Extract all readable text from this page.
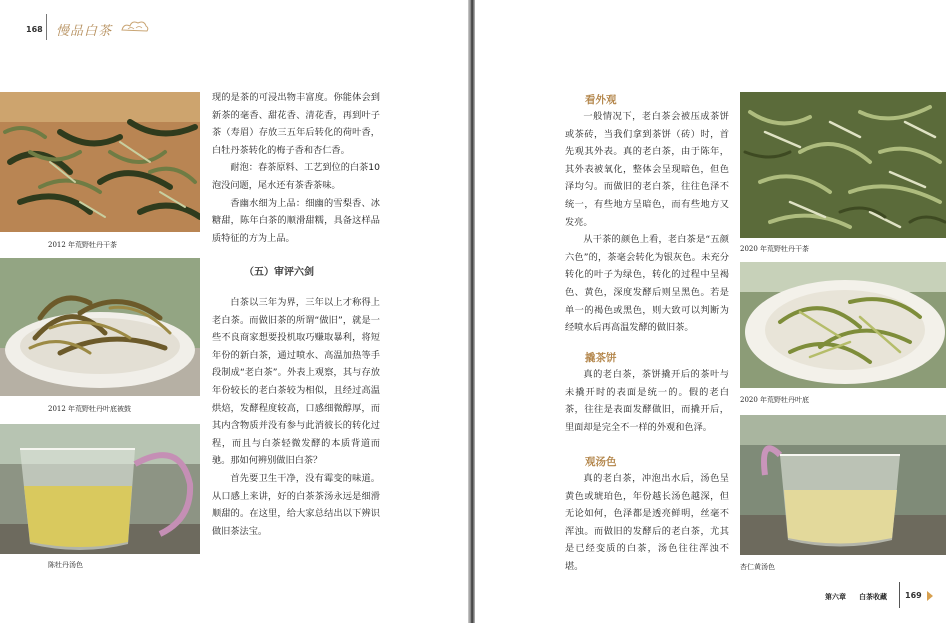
168 慢品白茶
2012 年荒野牡丹干茶
2012 年荒野牡丹叶底被鼓
陈牡丹汤色

现的是茶的可浸出物丰富度。你能体会到新茶的毫香、甜花香、清花香，再到叶子茶（寿眉）存放三五年后转化的荷叶香，白牡丹茶转化的梅子香和杏仁香。

耐泡：春茶原料、工艺到位的白茶10泡没问题，尾水还有茶香茶味。

香幽水细为上品：细幽的雪梨香、冰糖甜，陈年白茶的顺滑甜糯，具备这样品质特征的方为上品。

（五）审评六剑

白茶以三年为界，三年以上才称得上老白茶。而做旧茶的所谓“做旧”，就是一些不良商家想要投机取巧赚取暴利，将短年份的新白茶，通过喷水、高温加热等手段制成“老白茶”。外表上观察，其与存放年份较长的老白茶较为相似，且经过高温烘焙，发酵程度较高，口感细微醇厚，而其内含物质并没有参与此消彼长的转化过程，而且与白茶轻微发酵的本质背道而驰。那如何辨别做旧白茶？

首先要卫生干净，没有霉变的味道。从口感上来讲，好的白茶茶汤永远是细滑顺甜的。在这里，给大家总结出以下辨识做旧茶法宝。

看外观

一般情况下，老白茶会被压成茶饼或茶砖，当我们拿到茶饼（砖）时，首先观其外表。真的老白茶，由于陈年，其外表被氧化，整体会呈现暗色，但色泽均匀。而做旧的老白茶，往往色泽不统一，有些地方呈暗色，而有些地方又发亮。

从干茶的颜色上看，老白茶是“五颜六色”的，茶毫会转化为银灰色。未充分转化的叶子为绿色，转化的过程中呈褐色、黄色，深度发酵后则呈黑色。若是单一的褐色或黑色，则大致可以判断为经喷水后再高温发酵的做旧茶。

撬茶饼

真的老白茶，茶饼撬开后的茶叶与未撬开时的表面是统一的。假的老白茶，往往是表面发酵做旧，而撬开后，里面却是完全不一样的外观和色泽。

观汤色

真的老白茶，冲泡出水后，汤色呈黄色或琥珀色，年份越长汤色越深，但无论如何，色泽都是透亮鲜明，丝毫不浑浊。而做旧的发酵后的老白茶，尤其是已经变质的白茶，汤色往往浑浊不堪。

2020 年荒野牡丹干茶
2020 年荒野牡丹叶底
杏仁黄汤色
第六章 白茶收藏 169
